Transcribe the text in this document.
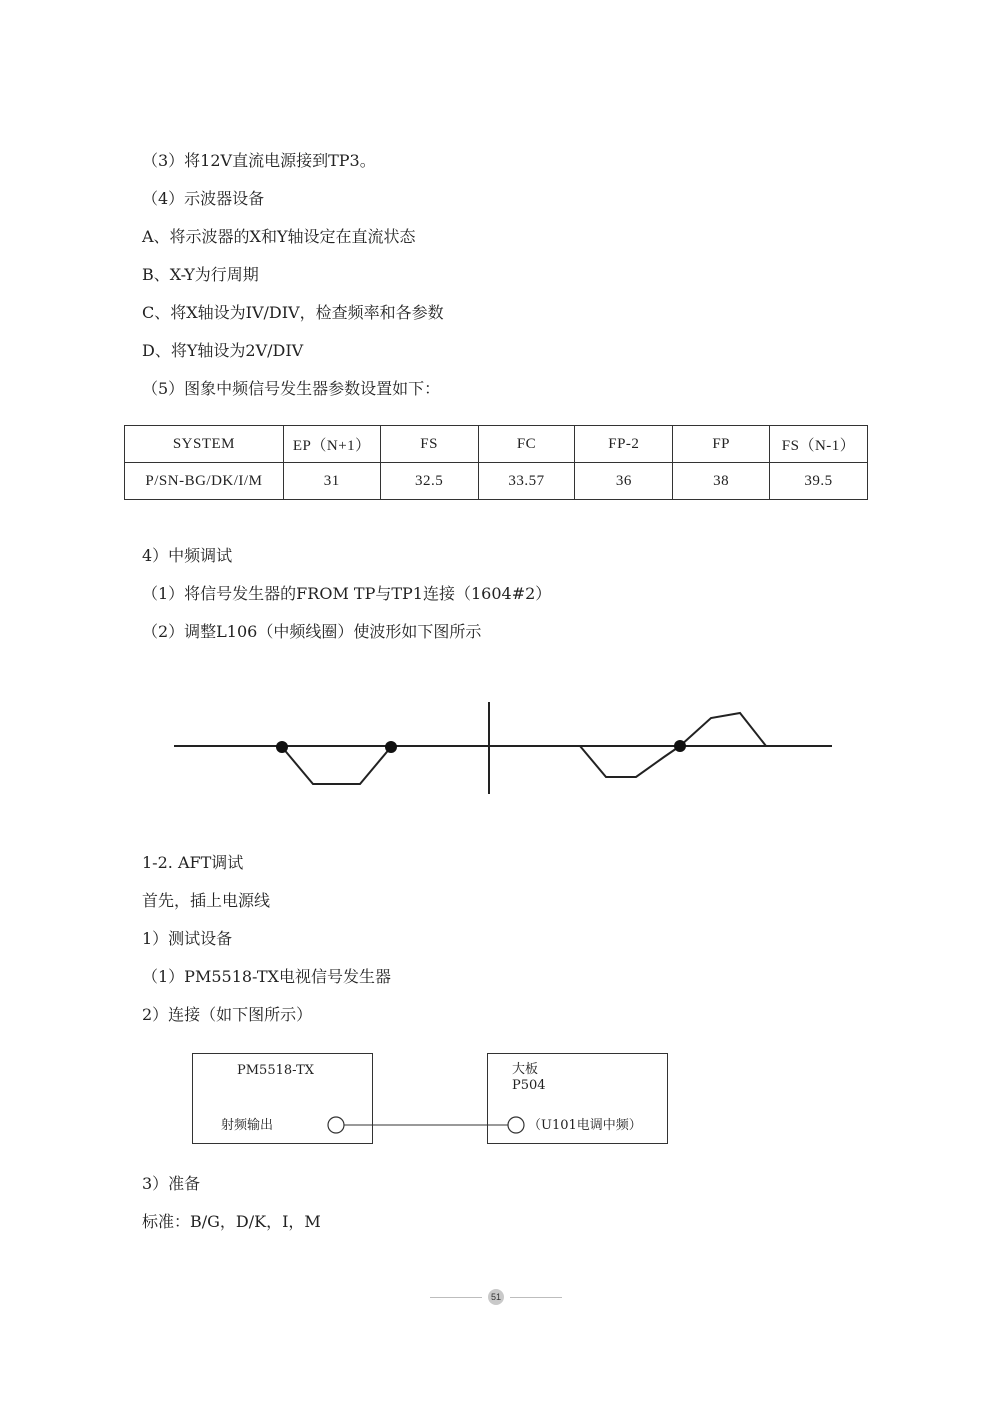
（3）将12V直流电源接到TP3。
（4）示波器设备
A、将示波器的X和Y轴设定在直流状态
B、X-Y为行周期
C、将X轴设为IV/DIV，检查频率和各参数
D、将Y轴设为2V/DIV
（5）图象中频信号发生器参数设置如下：
SYSTEM	EP（N+1）	FS	FC	FP-2	FP	FS（N-1）
P/SN-BG/DK/I/M	31	32.5	33.57	36	38	39.5
4）中频调试
（1）将信号发生器的FROM TP与TP1连接（1604#2）
（2）调整L106（中频线圈）使波形如下图所示
1-2. AFT调试
首先，插上电源线
1）测试设备
（1）PM5518-TX电视信号发生器
2）连接（如下图所示）
PM5518-TX
射频输出
大板
P504
（U101电调中频）
3）准备
标准：B/G，D/K，I，M
51
